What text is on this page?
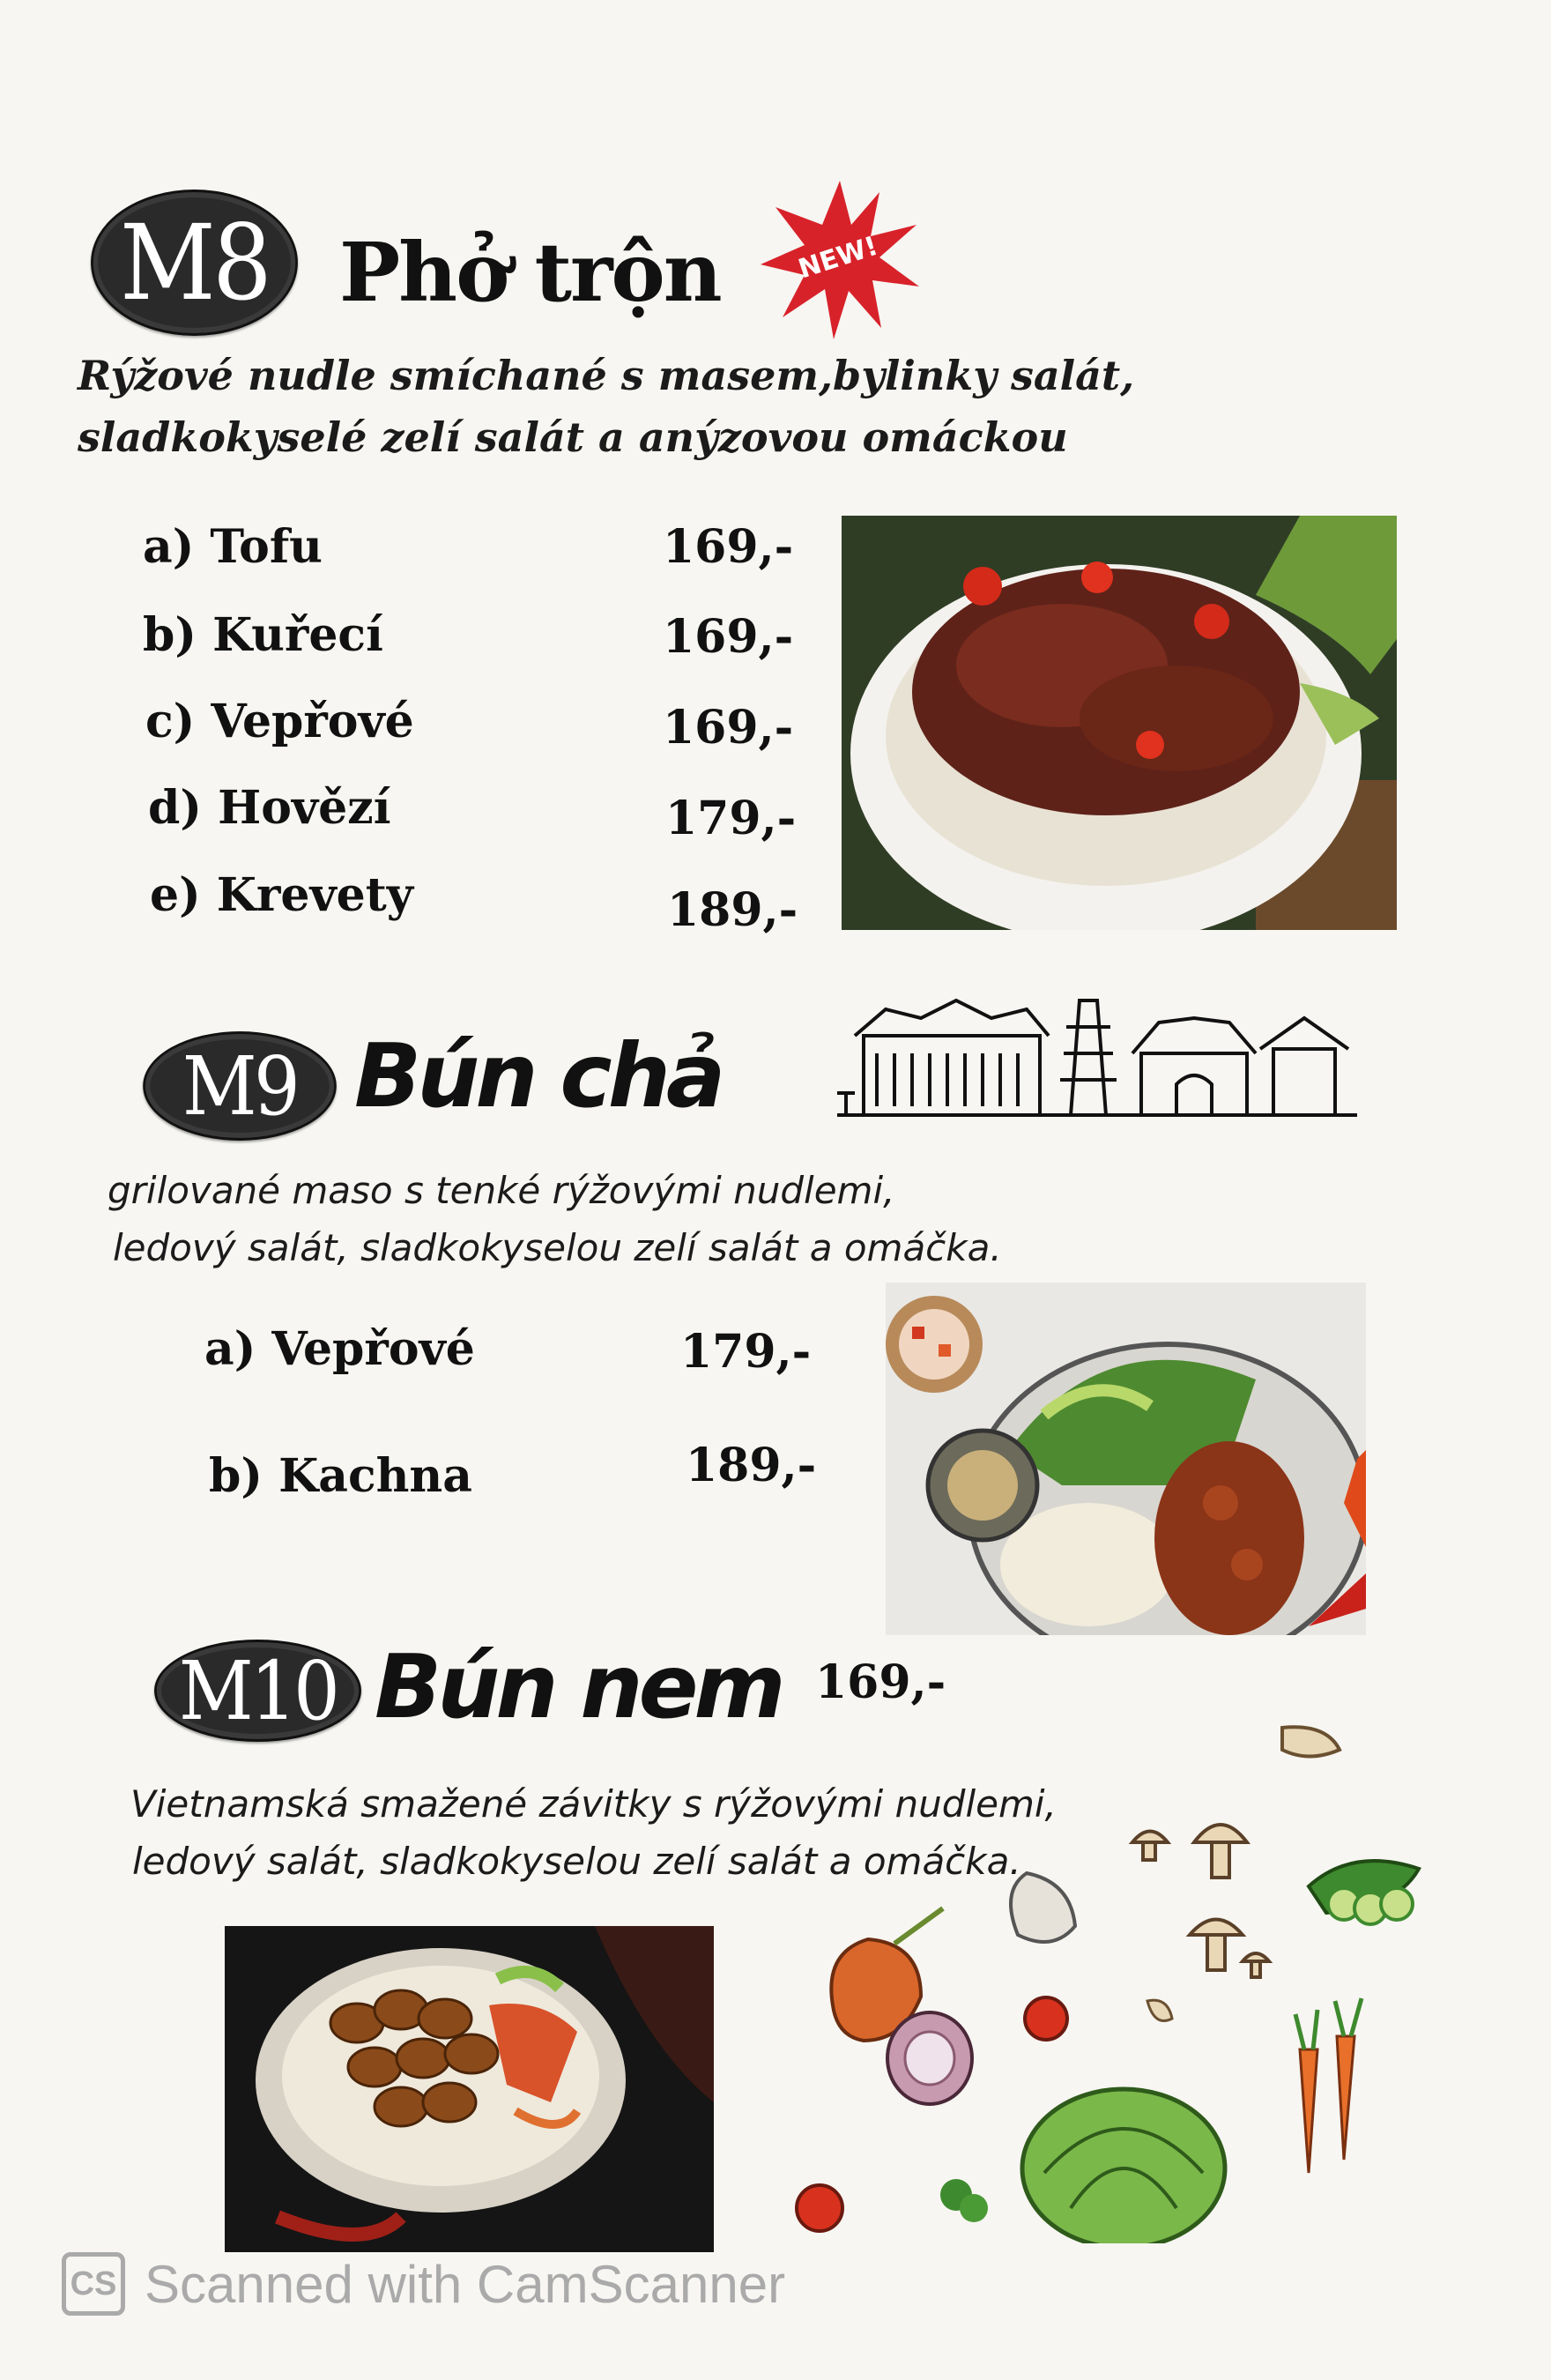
M8 Phở trộn	NEW!
Rýžové nudle smíchané s masem,bylinky salát,
sladkokyselé zelí salát a anýzovou omáckou
a) Tofu	169,-
b) Kuřecí	169,-
c) Vepřové	169,-
d) Hovězí	179,-
e) Krevety	189,-
M9 Bún chả
grilované maso s tenké rýžovými nudlemi,
ledový salát, sladkokyselou zelí salát a omáčka.
a) Vepřové	179,-
b) Kachna	189,-
M10 Bún nem 169,-
Vietnamská smažené závitky s rýžovými nudlemi,
ledový salát, sladkokyselou zelí salát a omáčka.
CS Scanned with CamScanner
